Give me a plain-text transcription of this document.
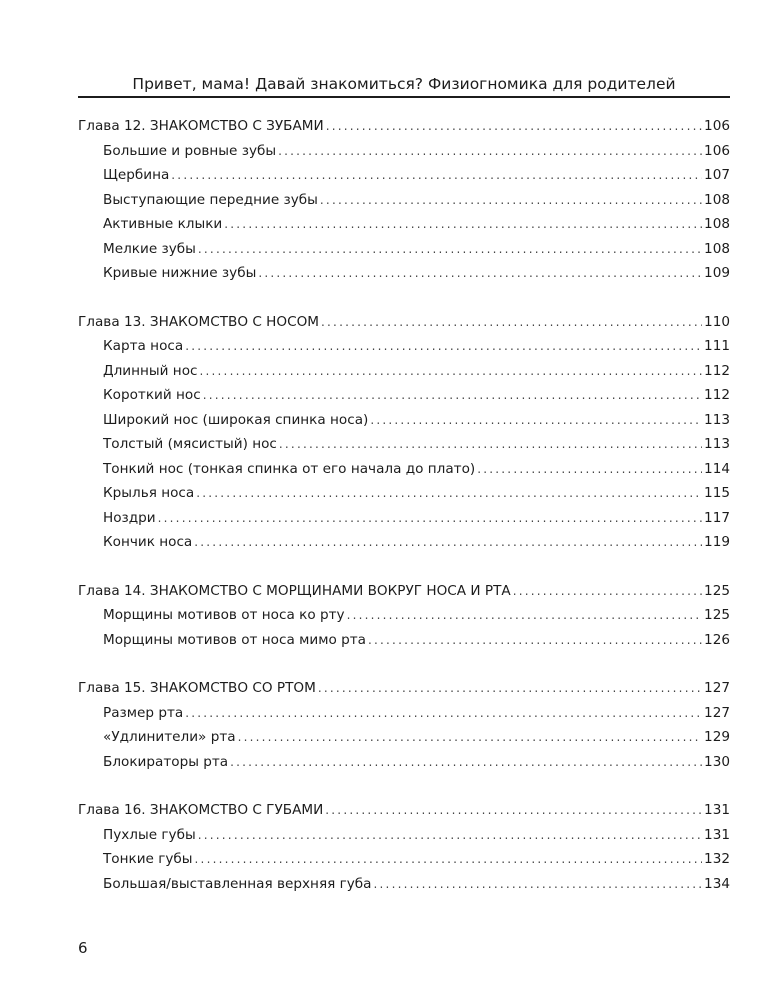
Привет, мама! Давай знакомиться? Физиогномика для родителей
Глава 12. ЗНАКОМСТВО С ЗУБАМИ .....	106
Большие и ровные зубы .....	106
Щербина .....	107
Выступающие передние зубы .....	108
Активные клыки .....	108
Мелкие зубы .....	108
Кривые нижние зубы .....	109
Глава 13. ЗНАКОМСТВО С НОСОМ .....	110
Карта носа .....	111
Длинный нос .....	112
Короткий нос .....	112
Широкий нос (широкая спинка носа) .....	113
Толстый (мясистый) нос .....	113
Тонкий нос (тонкая спинка от его начала до плато) .....	114
Крылья носа .....	115
Ноздри .....	117
Кончик носа .....	119
Глава 14. ЗНАКОМСТВО С МОРЩИНАМИ ВОКРУГ НОСА И РТА .....	125
Морщины мотивов от носа ко рту .....	125
Морщины мотивов от носа мимо рта .....	126
Глава 15. ЗНАКОМСТВО СО РТОМ .....	127
Размер рта .....	127
«Удлинители» рта .....	129
Блокираторы рта .....	130
Глава 16. ЗНАКОМСТВО С ГУБАМИ .....	131
Пухлые губы .....	131
Тонкие губы .....	132
Большая/выставленная верхняя губа .....	134
6
